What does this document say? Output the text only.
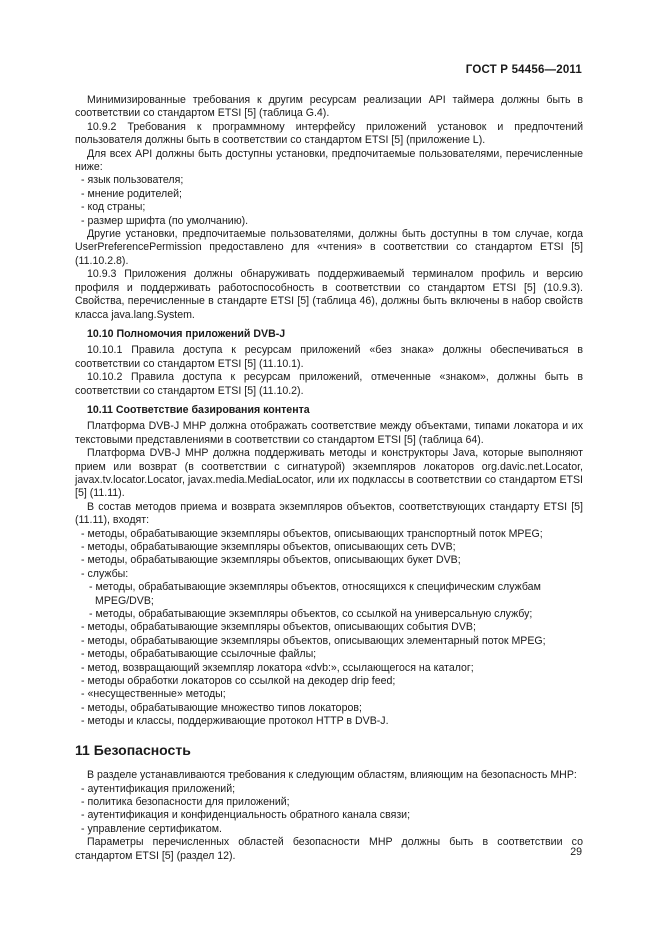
ГОСТ Р 54456—2011
Минимизированные требования к другим ресурсам реализации API таймера должны быть в соответствии со стандартом ETSI [5] (таблица G.4).
10.9.2 Требования к программному интерфейсу приложений установок и предпочтений пользователя должны быть в соответствии со стандартом ETSI [5] (приложение L).
Для всех API должны быть доступны установки, предпочитаемые пользователями, перечисленные ниже:
- язык пользователя;
- мнение родителей;
- код страны;
- размер шрифта (по умолчанию).
Другие установки, предпочитаемые пользователями, должны быть доступны в том случае, когда UserPreferencePermission предоставлено для «чтения» в соответствии со стандартом ETSI [5] (11.10.2.8).
10.9.3 Приложения должны обнаруживать поддерживаемый терминалом профиль и версию профиля и поддерживать работоспособность в соответствии со стандартом ETSI [5] (10.9.3). Свойства, перечисленные в стандарте ETSI [5] (таблица 46), должны быть включены в набор свойств класса java.lang.System.
10.10 Полномочия приложений DVB-J
10.10.1 Правила доступа к ресурсам приложений «без знака» должны обеспечиваться в соответствии со стандартом ETSI [5] (11.10.1).
10.10.2 Правила доступа к ресурсам приложений, отмеченные «знаком», должны быть в соответствии со стандартом ETSI [5] (11.10.2).
10.11 Соответствие базирования контента
Платформа DVB-J MHP должна отображать соответствие между объектами, типами локатора и их текстовыми представлениями в соответствии со стандартом ETSI [5] (таблица 64).
Платформа DVB-J MHP должна поддерживать методы и конструкторы Java, которые выполняют прием или возврат (в соответствии с сигнатурой) экземпляров локаторов org.davic.net.Locator, javax.tv.locator.Locator, javax.media.MediaLocator, или их подклассы в соответствии со стандартом ETSI [5] (11.11).
В состав методов приема и возврата экземпляров объектов, соответствующих стандарту ETSI [5] (11.11), входят:
- методы, обрабатывающие экземпляры объектов, описывающих транспортный поток MPEG;
- методы, обрабатывающие экземпляры объектов, описывающих сеть DVB;
- методы, обрабатывающие экземпляры объектов, описывающих букет DVB;
- службы:
- методы, обрабатывающие экземпляры объектов, относящихся к специфическим службам MPEG/DVB;
- методы, обрабатывающие экземпляры объектов, со ссылкой на универсальную службу;
- методы, обрабатывающие экземпляры объектов, описывающих события DVB;
- методы, обрабатывающие экземпляры объектов, описывающих элементарный поток MPEG;
- методы, обрабатывающие ссылочные файлы;
- метод, возвращающий экземпляр локатора «dvb:», ссылающегося на каталог;
- методы обработки локаторов со ссылкой на декодер drip feed;
- «несущественные» методы;
- методы, обрабатывающие множество типов локаторов;
- методы и классы, поддерживающие протокол HTTP в DVB-J.
11 Безопасность
В разделе устанавливаются требования к следующим областям, влияющим на безопасность MHP:
- аутентификация приложений;
- политика безопасности для приложений;
- аутентификация и конфиденциальность обратного канала связи;
- управление сертификатом.
Параметры перечисленных областей безопасности MHP должны быть в соответствии со стандартом ETSI [5] (раздел 12).	29
